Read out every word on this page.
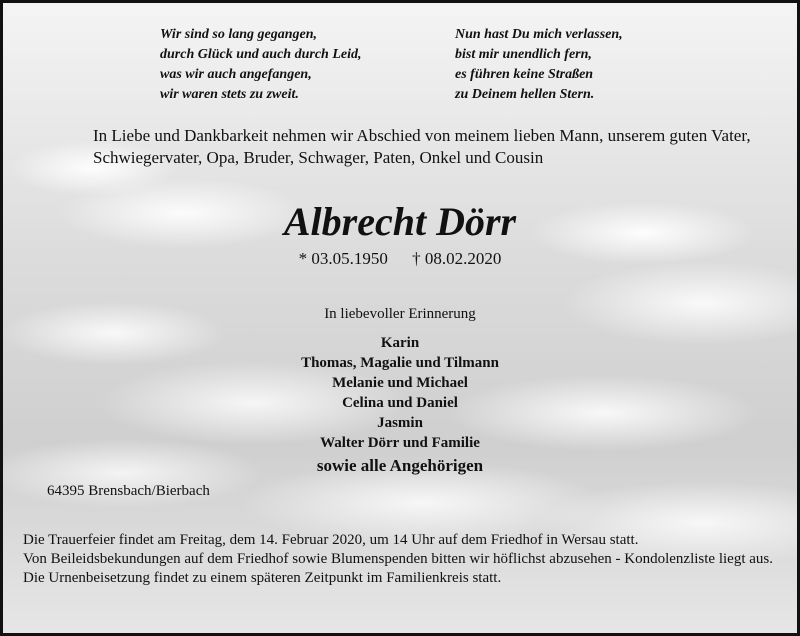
Wir sind so lang gegangen,
durch Glück und auch durch Leid,
was wir auch angefangen,
wir waren stets zu zweit.
Nun hast Du mich verlassen,
bist mir unendlich fern,
es führen keine Straßen
zu Deinem hellen Stern.
In Liebe und Dankbarkeit nehmen wir Abschied von meinem lieben Mann, unserem guten Vater, Schwiegervater, Opa, Bruder, Schwager, Paten, Onkel und Cousin
Albrecht Dörr
* 03.05.1950 † 08.02.2020
In liebevoller Erinnerung
Karin
Thomas, Magalie und Tilmann
Melanie und Michael
Celina und Daniel
Jasmin
Walter Dörr und Familie
sowie alle Angehörigen
64395 Brensbach/Bierbach

Die Trauerfeier findet am Freitag, dem 14. Februar 2020, um 14 Uhr auf dem Friedhof in Wersau statt.

Von Beileidsbekundungen auf dem Friedhof sowie Blumenspenden bitten wir höflichst abzusehen - Kondolenzliste liegt aus.

Die Urnenbeisetzung findet zu einem späteren Zeitpunkt im Familienkreis statt.
